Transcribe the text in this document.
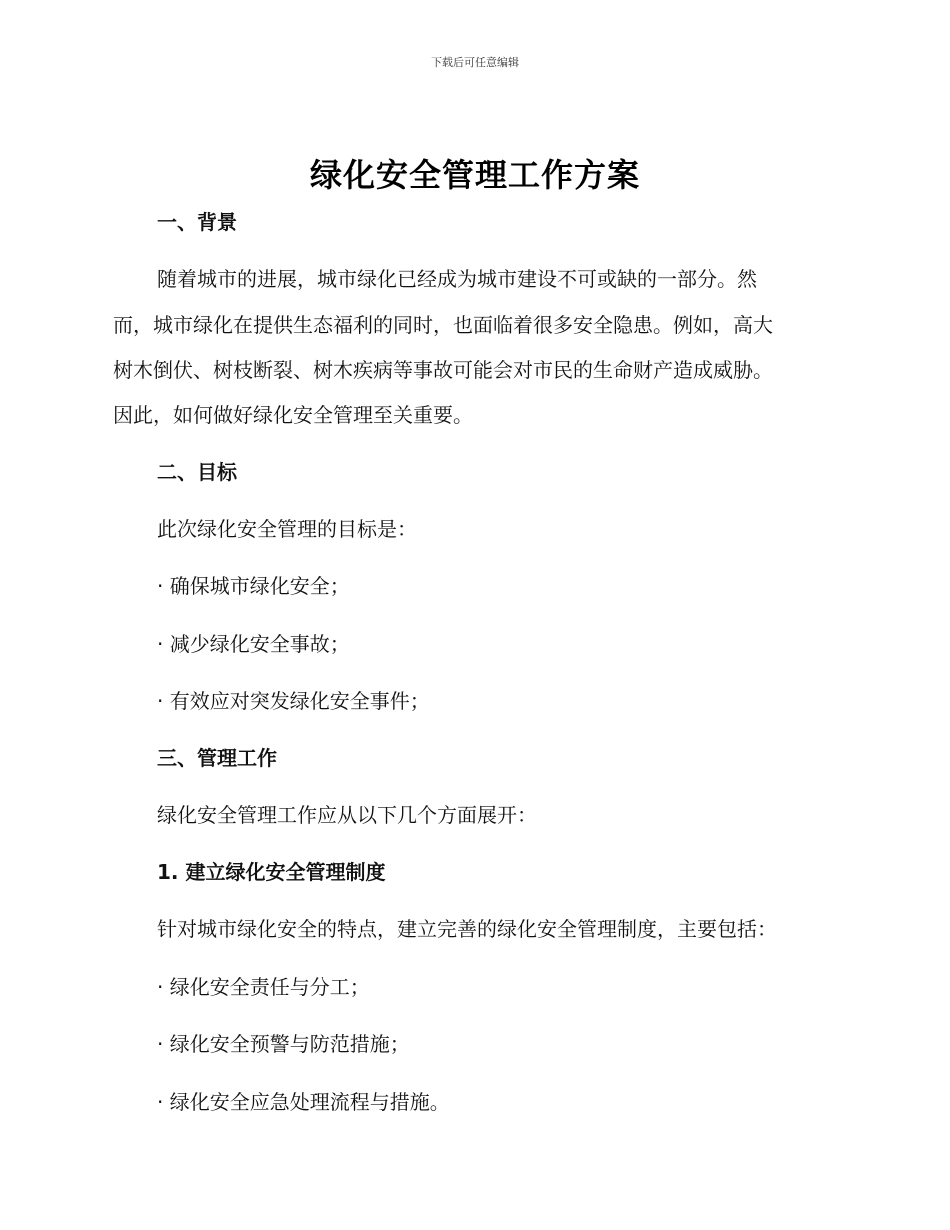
下载后可任意编辑
绿化安全管理工作方案
一、背景
随着城市的进展，城市绿化已经成为城市建设不可或缺的一部分。然
而，城市绿化在提供生态福利的同时，也面临着很多安全隐患。例如，高大
树木倒伏、树枝断裂、树木疾病等事故可能会对市民的生命财产造成威胁。
因此，如何做好绿化安全管理至关重要。
二、目标
此次绿化安全管理的目标是：
· 确保城市绿化安全；
· 减少绿化安全事故；
· 有效应对突发绿化安全事件；
三、管理工作
绿化安全管理工作应从以下几个方面展开：
1. 建立绿化安全管理制度
针对城市绿化安全的特点，建立完善的绿化安全管理制度，主要包括：
· 绿化安全责任与分工；
· 绿化安全预警与防范措施；
· 绿化安全应急处理流程与措施。
